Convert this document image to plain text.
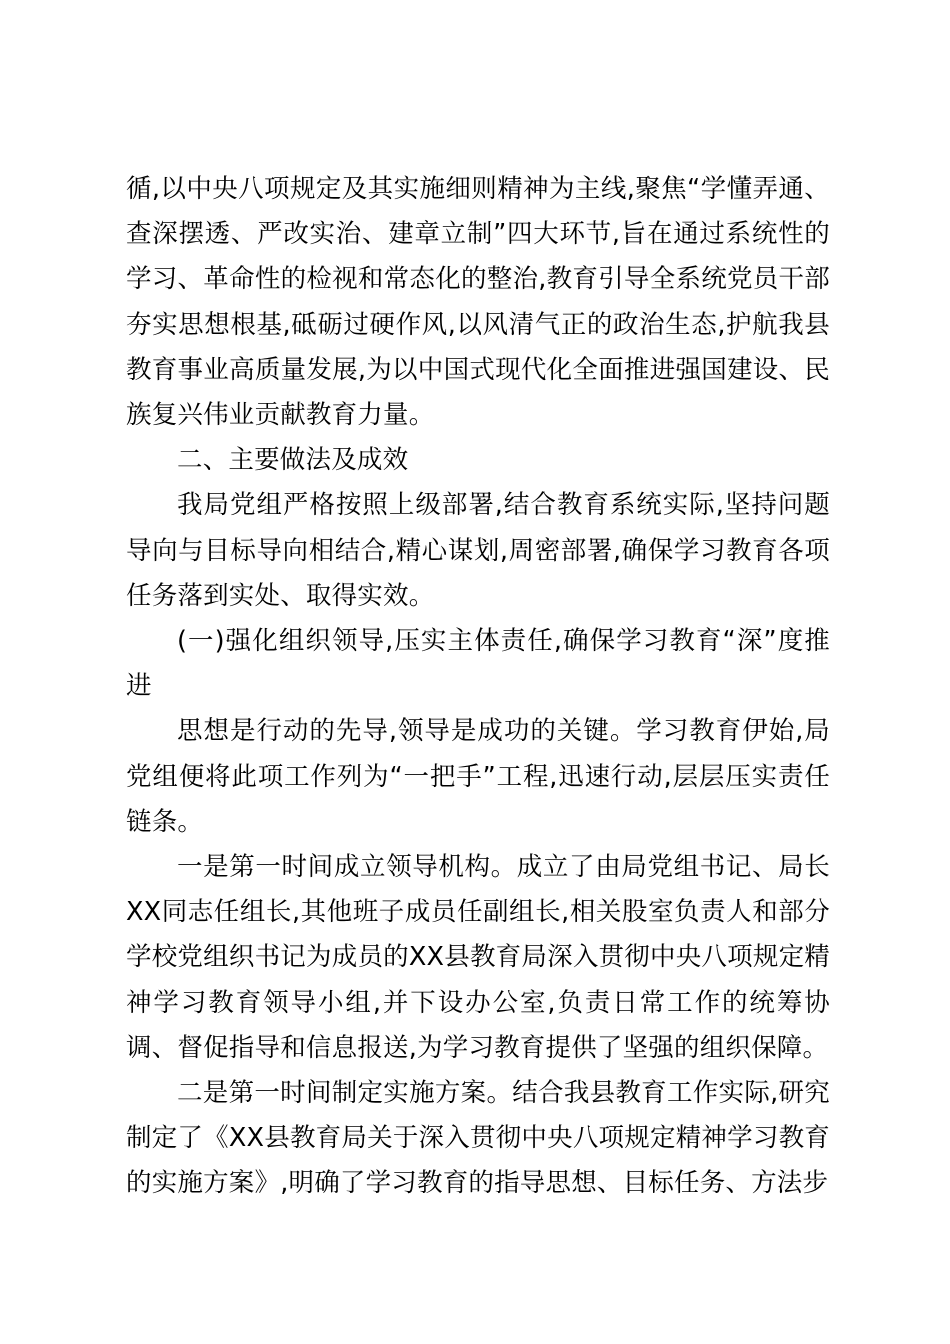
循,以中央八项规定及其实施细则精神为主线,聚焦“学懂弄通、查深摆透、严改实治、建章立制”四大环节,旨在通过系统性的学习、革命性的检视和常态化的整治,教育引导全系统党员干部夯实思想根基,砥砺过硬作风,以风清气正的政治生态,护航我县教育事业高质量发展,为以中国式现代化全面推进强国建设、民族复兴伟业贡献教育力量。

二、主要做法及成效

我局党组严格按照上级部署,结合教育系统实际,坚持问题导向与目标导向相结合,精心谋划,周密部署,确保学习教育各项任务落到实处、取得实效。

(一)强化组织领导,压实主体责任,确保学习教育“深”度推进

思想是行动的先导,领导是成功的关键。学习教育伊始,局党组便将此项工作列为“一把手”工程,迅速行动,层层压实责任链条。

一是第一时间成立领导机构。成立了由局党组书记、局长XX同志任组长,其他班子成员任副组长,相关股室负责人和部分学校党组织书记为成员的XX县教育局深入贯彻中央八项规定精神学习教育领导小组,并下设办公室,负责日常工作的统筹协调、督促指导和信息报送,为学习教育提供了坚强的组织保障。

二是第一时间制定实施方案。结合我县教育工作实际,研究制定了《XX县教育局关于深入贯彻中央八项规定精神学习教育的实施方案》,明确了学习教育的指导思想、目标任务、方法步
